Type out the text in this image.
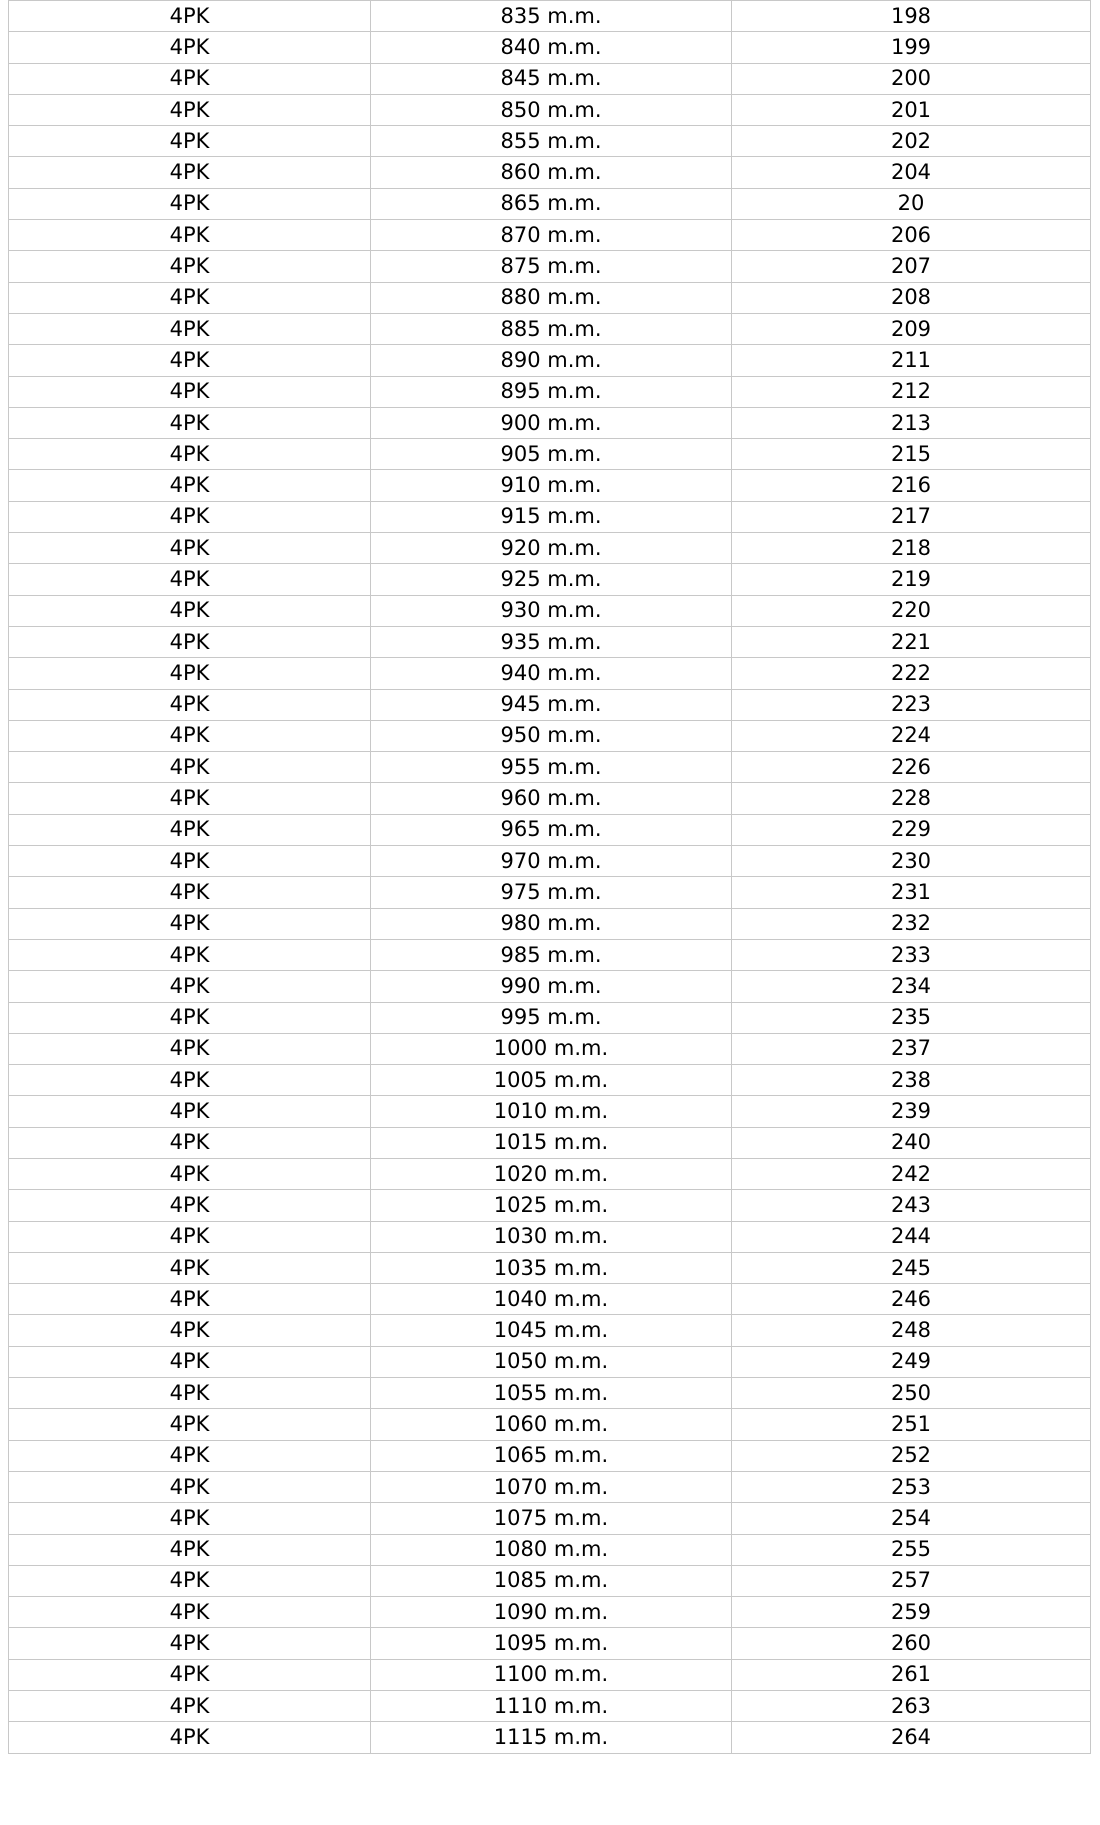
4PK	835 m.m.	198
4PK	840 m.m.	199
4PK	845 m.m.	200
4PK	850 m.m.	201
4PK	855 m.m.	202
4PK	860 m.m.	204
4PK	865 m.m.	20
4PK	870 m.m.	206
4PK	875 m.m.	207
4PK	880 m.m.	208
4PK	885 m.m.	209
4PK	890 m.m.	211
4PK	895 m.m.	212
4PK	900 m.m.	213
4PK	905 m.m.	215
4PK	910 m.m.	216
4PK	915 m.m.	217
4PK	920 m.m.	218
4PK	925 m.m.	219
4PK	930 m.m.	220
4PK	935 m.m.	221
4PK	940 m.m.	222
4PK	945 m.m.	223
4PK	950 m.m.	224
4PK	955 m.m.	226
4PK	960 m.m.	228
4PK	965 m.m.	229
4PK	970 m.m.	230
4PK	975 m.m.	231
4PK	980 m.m.	232
4PK	985 m.m.	233
4PK	990 m.m.	234
4PK	995 m.m.	235
4PK	1000 m.m.	237
4PK	1005 m.m.	238
4PK	1010 m.m.	239
4PK	1015 m.m.	240
4PK	1020 m.m.	242
4PK	1025 m.m.	243
4PK	1030 m.m.	244
4PK	1035 m.m.	245
4PK	1040 m.m.	246
4PK	1045 m.m.	248
4PK	1050 m.m.	249
4PK	1055 m.m.	250
4PK	1060 m.m.	251
4PK	1065 m.m.	252
4PK	1070 m.m.	253
4PK	1075 m.m.	254
4PK	1080 m.m.	255
4PK	1085 m.m.	257
4PK	1090 m.m.	259
4PK	1095 m.m.	260
4PK	1100 m.m.	261
4PK	1110 m.m.	263
4PK	1115 m.m.	264
